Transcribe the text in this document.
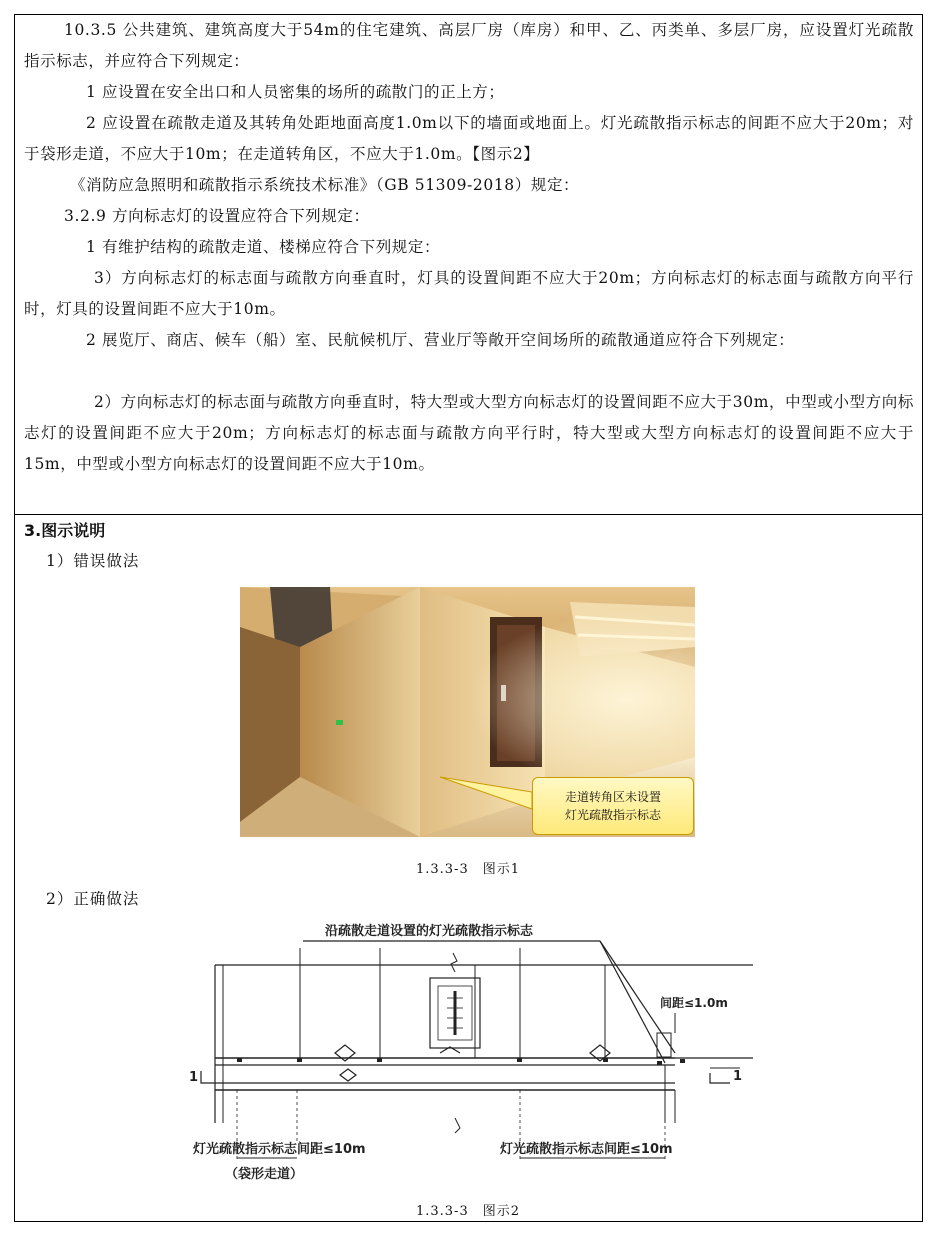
10.3.5 公共建筑、建筑高度大于54m的住宅建筑、高层厂房（库房）和甲、乙、丙类单、多层厂房，应设置灯光疏散指示标志，并应符合下列规定：
1 应设置在安全出口和人员密集的场所的疏散门的正上方；
2 应设置在疏散走道及其转角处距地面高度1.0m以下的墙面或地面上。灯光疏散指示标志的间距不应大于20m；对于袋形走道，不应大于10m；在走道转角区，不应大于1.0m。【图示2】
《消防应急照明和疏散指示系统技术标准》（GB 51309-2018）规定：
3.2.9 方向标志灯的设置应符合下列规定：
1 有维护结构的疏散走道、楼梯应符合下列规定：
3）方向标志灯的标志面与疏散方向垂直时，灯具的设置间距不应大于20m；方向标志灯的标志面与疏散方向平行时，灯具的设置间距不应大于10m。
2 展览厅、商店、候车（船）室、民航候机厅、营业厅等敞开空间场所的疏散通道应符合下列规定：
2）方向标志灯的标志面与疏散方向垂直时，特大型或大型方向标志灯的设置间距不应大于30m，中型或小型方向标志灯的设置间距不应大于20m；方向标志灯的标志面与疏散方向平行时，特大型或大型方向标志灯的设置间距不应大于15m，中型或小型方向标志灯的设置间距不应大于10m。
3.图示说明
1）错误做法
走道转角区未设置
灯光疏散指示标志
1.3.3-3　图示1
2）正确做法
沿疏散走道设置的灯光疏散指示标志
间距≤1.0m
1
1
灯光疏散指示标志间距≤10m
（袋形走道）
灯光疏散指示标志间距≤10m
1.3.3-3　图示2
